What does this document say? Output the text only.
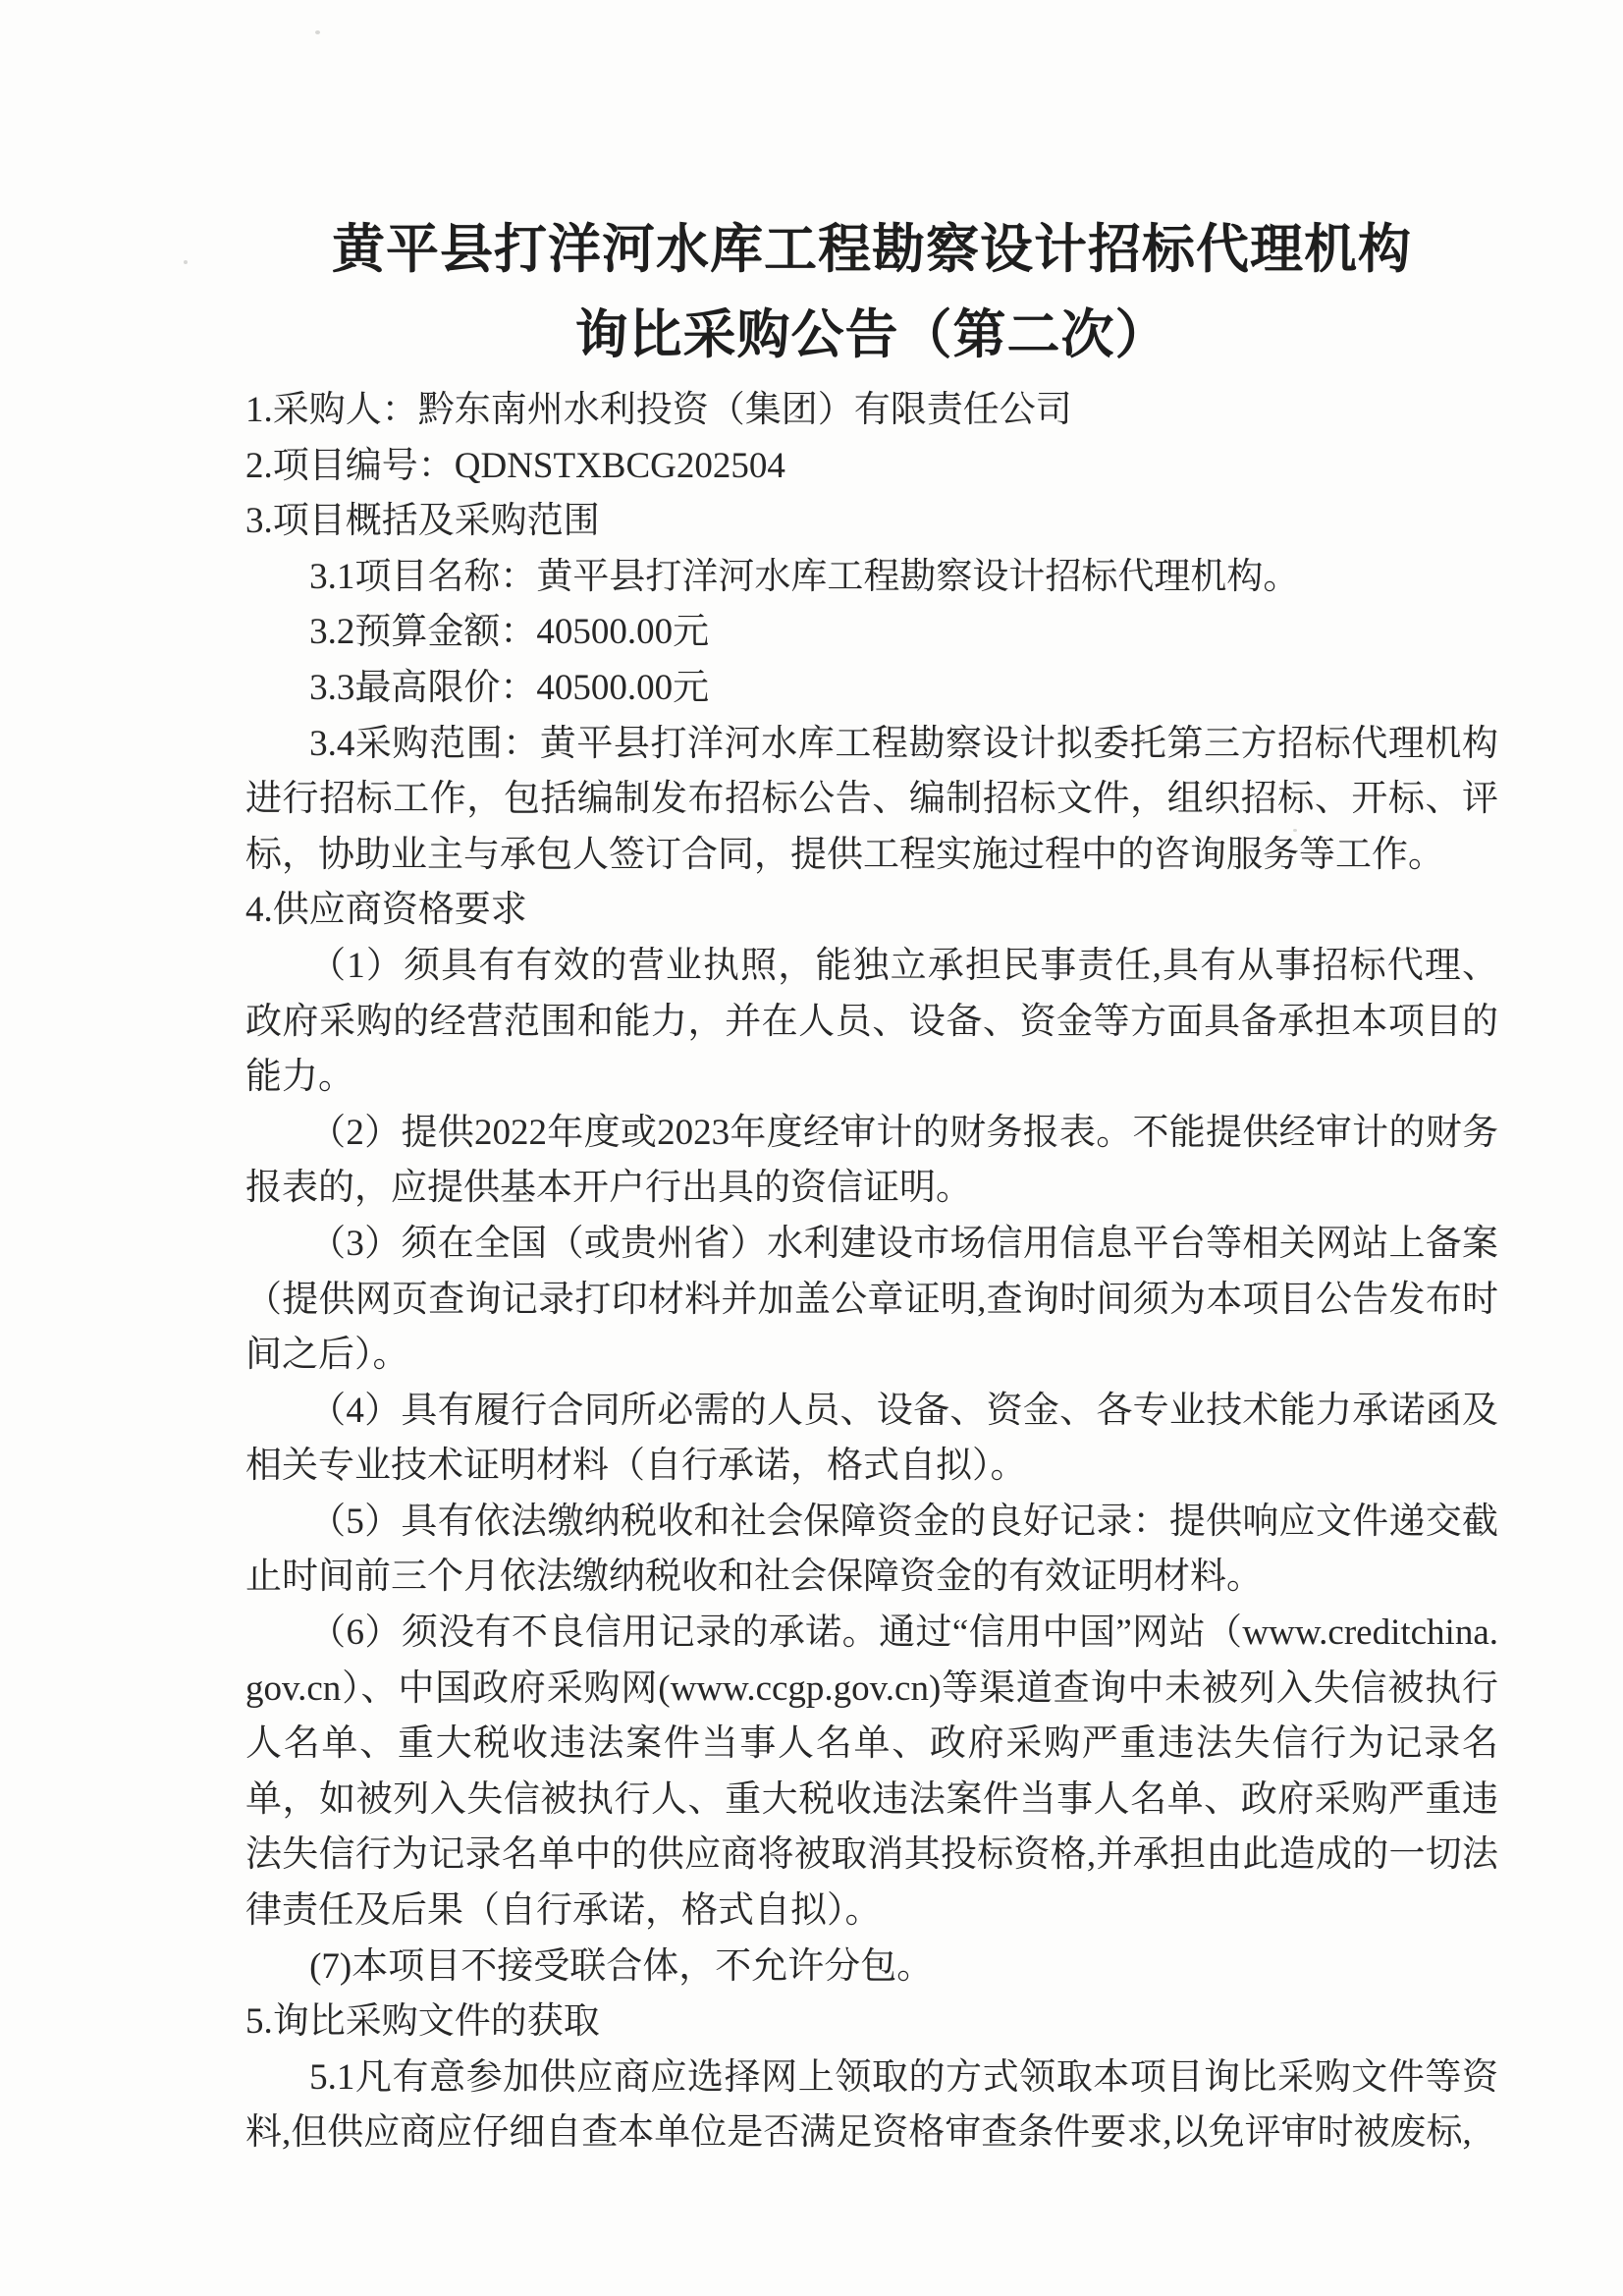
黄平县打洋河水库工程勘察设计招标代理机构
询比采购公告（第二次）

1.采购人：黔东南州水利投资（集团）有限责任公司

2.项目编号：QDNSTXBCG202504

3.项目概括及采购范围

3.1项目名称：黄平县打洋河水库工程勘察设计招标代理机构。

3.2预算金额：40500.00元

3.3最高限价：40500.00元

3.4采购范围：黄平县打洋河水库工程勘察设计拟委托第三方招标代理机构进行招标工作，包括编制发布招标公告、编制招标文件，组织招标、开标、评标，协助业主与承包人签订合同，提供工程实施过程中的咨询服务等工作。

4.供应商资格要求

（1）须具有有效的营业执照，能独立承担民事责任,具有从事招标代理、政府采购的经营范围和能力，并在人员、设备、资金等方面具备承担本项目的能力。

（2）提供2022年度或2023年度经审计的财务报表。不能提供经审计的财务报表的，应提供基本开户行出具的资信证明。

（3）须在全国（或贵州省）水利建设市场信用信息平台等相关网站上备案（提供网页查询记录打印材料并加盖公章证明,查询时间须为本项目公告发布时间之后）。

（4）具有履行合同所必需的人员、设备、资金、各专业技术能力承诺函及相关专业技术证明材料（自行承诺，格式自拟）。

（5）具有依法缴纳税收和社会保障资金的良好记录：提供响应文件递交截止时间前三个月依法缴纳税收和社会保障资金的有效证明材料。

（6）须没有不良信用记录的承诺。通过“信用中国”网站（www.creditchina.gov.cn）、中国政府采购网(www.ccgp.gov.cn)等渠道查询中未被列入失信被执行人名单、重大税收违法案件当事人名单、政府采购严重违法失信行为记录名单，如被列入失信被执行人、重大税收违法案件当事人名单、政府采购严重违法失信行为记录名单中的供应商将被取消其投标资格,并承担由此造成的一切法律责任及后果（自行承诺，格式自拟）。

(7)本项目不接受联合体，不允许分包。

5.询比采购文件的获取

5.1凡有意参加供应商应选择网上领取的方式领取本项目询比采购文件等资料,但供应商应仔细自查本单位是否满足资格审查条件要求,以免评审时被废标,
